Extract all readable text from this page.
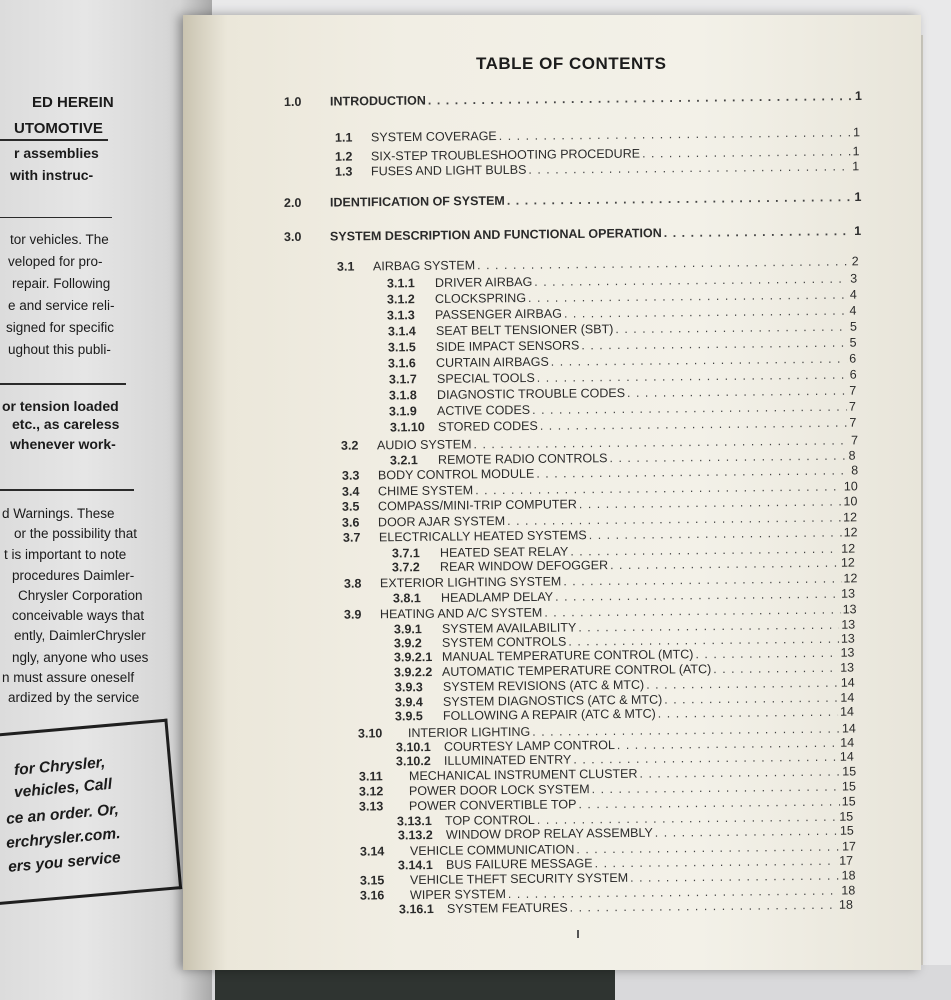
ED HEREIN
UTOMOTIVE
r assemblies
with instruc-
tor vehicles. The
veloped for pro-
repair. Following
e and service reli-
signed for specific
ughout this publi-
or tension loaded
etc., as careless
whenever work-
d Warnings. These
or the possibility that
t is important to note
procedures Daimler-
Chrysler Corporation
conceivable ways that
ently, DaimlerChrysler
ngly, anyone who uses
n must assure oneself
ardized by the service
for Chrysler,
vehicles, Call
ce an order. Or,
erchrysler.com.
ers you service
TABLE OF CONTENTS
1.0	INTRODUCTION . . .	1
1.1	SYSTEM COVERAGE . . .	1
1.2	SIX-STEP TROUBLESHOOTING PROCEDURE . . .	1
1.3	FUSES AND LIGHT BULBS . . .	1
2.0	IDENTIFICATION OF SYSTEM . . .	1
3.0	SYSTEM DESCRIPTION AND FUNCTIONAL OPERATION . . .	1
3.1	AIRBAG SYSTEM . . .	2
3.1.1	DRIVER AIRBAG . . .	3
3.1.2	CLOCKSPRING . . .	4
3.1.3	PASSENGER AIRBAG . . .	4
3.1.4	SEAT BELT TENSIONER (SBT) . . .	5
3.1.5	SIDE IMPACT SENSORS . . .	5
3.1.6	CURTAIN AIRBAGS . . .	6
3.1.7	SPECIAL TOOLS . . .	6
3.1.8	DIAGNOSTIC TROUBLE CODES . . .	7
3.1.9	ACTIVE CODES . . .	7
3.1.10	STORED CODES . . .	7
3.2	AUDIO SYSTEM . . .	7
3.2.1	REMOTE RADIO CONTROLS . . .	8
3.3	BODY CONTROL MODULE . . .	8
3.4	CHIME SYSTEM . . .	10
3.5	COMPASS/MINI-TRIP COMPUTER . . .	10
3.6	DOOR AJAR SYSTEM . . .	12
3.7	ELECTRICALLY HEATED SYSTEMS . . .	12
3.7.1	HEATED SEAT RELAY . . .	12
3.7.2	REAR WINDOW DEFOGGER . . .	12
3.8	EXTERIOR LIGHTING SYSTEM . . .	12
3.8.1	HEADLAMP DELAY . . .	13
3.9	HEATING AND A/C SYSTEM . . .	13
3.9.1	SYSTEM AVAILABILITY . . .	13
3.9.2	SYSTEM CONTROLS . . .	13
3.9.2.1 MANUAL TEMPERATURE CONTROL (MTC) . . .	13
3.9.2.2 AUTOMATIC TEMPERATURE CONTROL (ATC) . . .	13
3.9.3	SYSTEM REVISIONS (ATC & MTC) . . .	14
3.9.4	SYSTEM DIAGNOSTICS (ATC & MTC) . . .	14
3.9.5	FOLLOWING A REPAIR (ATC & MTC) . . .	14
3.10	INTERIOR LIGHTING . . .	14
3.10.1	COURTESY LAMP CONTROL . . .	14
3.10.2	ILLUMINATED ENTRY . . .	14
3.11	MECHANICAL INSTRUMENT CLUSTER . . .	15
3.12	POWER DOOR LOCK SYSTEM . . .	15
3.13	POWER CONVERTIBLE TOP . . .	15
3.13.1	TOP CONTROL . . .	15
3.13.2	WINDOW DROP RELAY ASSEMBLY . . .	15
3.14	VEHICLE COMMUNICATION . . .	17
3.14.1	BUS FAILURE MESSAGE . . .	17
3.15	VEHICLE THEFT SECURITY SYSTEM . . .	18
3.16	WIPER SYSTEM . . .	18
3.16.1	SYSTEM FEATURES . . .	18
